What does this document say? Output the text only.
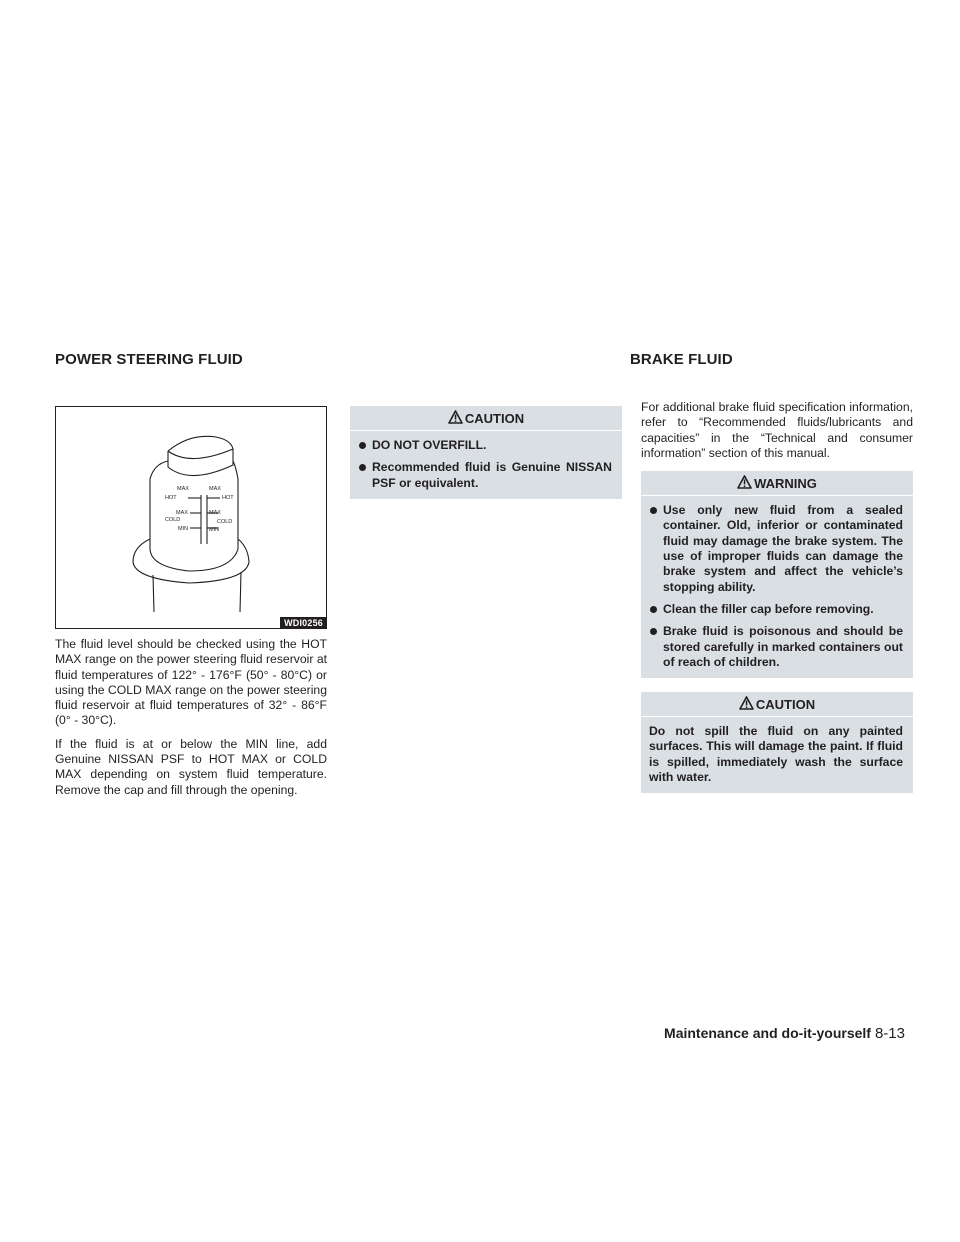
POWER STEERING FLUID	BRAKE FLUID
MAX
HOT
MAX
COLD
MIN
MAX
HOT
MAX
COLD
MIN
WDI0256

The fluid level should be checked using the HOT MAX range on the power steering fluid reservoir at fluid temperatures of 122° - 176°F (50° - 80°C) or using the COLD MAX range on the power steering fluid reservoir at fluid temperatures of 32° - 86°F (0° - 30°C).

If the fluid is at or below the MIN line, add Genuine NISSAN PSF to HOT MAX or COLD MAX depending on system fluid temperature. Remove the cap and fill through the opening.

CAUTION
DO NOT OVERFILL.
Recommended fluid is Genuine NISSAN PSF or equivalent.

For additional brake fluid specification information, refer to “Recommended fluids/lubricants and capacities” in the “Technical and consumer information” section of this manual.

WARNING
Use only new fluid from a sealed container. Old, inferior or contaminated fluid may damage the brake system. The use of improper fluids can damage the brake system and affect the vehicle’s stopping ability.
Clean the filler cap before removing.
Brake fluid is poisonous and should be stored carefully in marked containers out of reach of children.
CAUTION

Do not spill the fluid on any painted surfaces. This will damage the paint. If fluid is spilled, immediately wash the surface with water.

Maintenance and do-it-yourself 8-13
